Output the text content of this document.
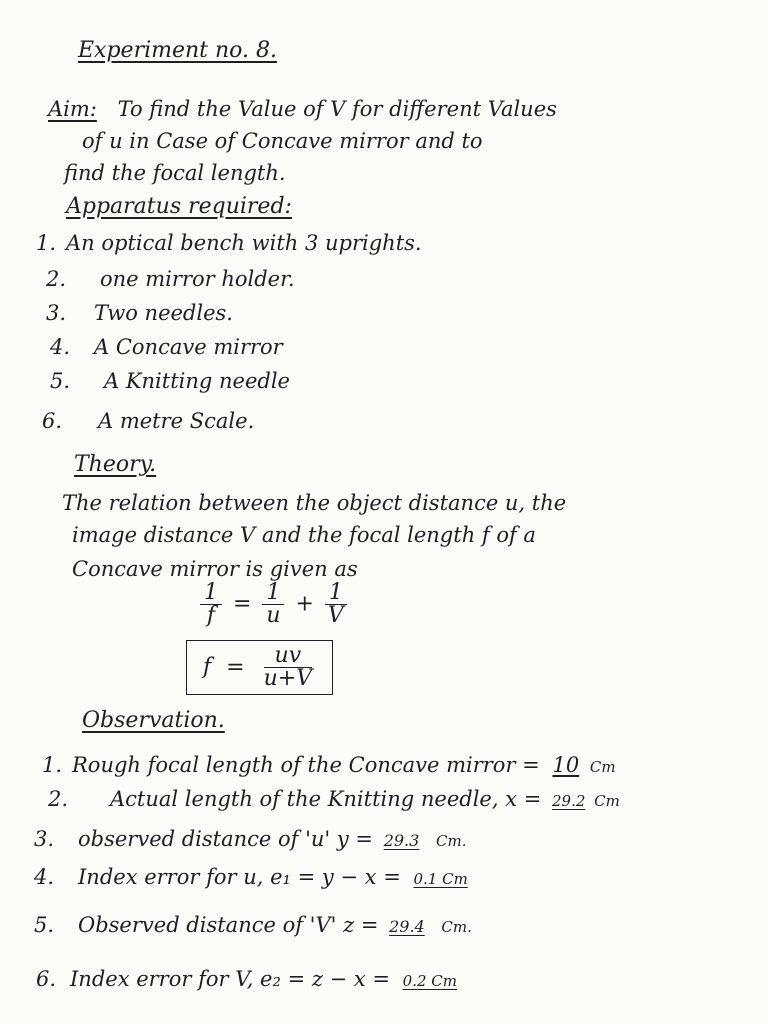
Experiment no. 8.
Aim: To find the Value of V for different Values
of u in Case of Concave mirror and to
find the focal length.
Apparatus required:
1. An optical bench with 3 uprights.
2. one mirror holder.
3. Two needles.
4. A Concave mirror
5. A Knitting needle
6. A metre Scale.
Theory.
The relation between the object distance u, the
image distance V and the focal length f of a
Concave mirror is given as
$\frac{1}{f} = \frac{1}{u} + \frac{1}{V}$
$f = \frac{uv}{u+V}$
Observation.
1. Rough focal length of the Concave mirror = 10 Cm
2. Actual length of the Knitting needle, x = 29.2 Cm
3. observed distance of 'u' y = 29.3 Cm.
4. Index error for u, e₁ = y − x = 0.1 Cm
5. Observed distance of 'V' z = 29.4 Cm.
6. Index error for V, e₂ = z − x = 0.2 Cm
